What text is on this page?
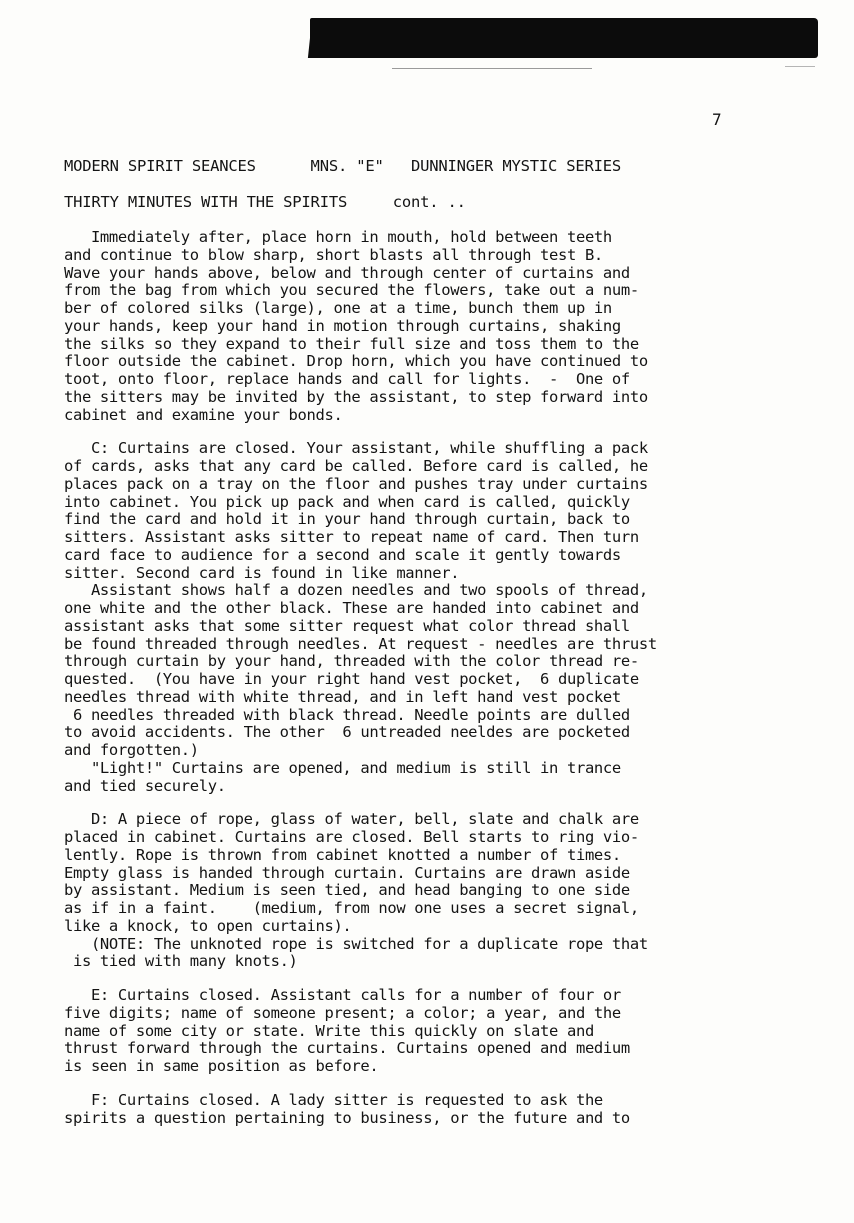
7
MODERN SPIRIT SEANCES      MNS. "E"   DUNNINGER MYSTIC SERIES
THIRTY MINUTES WITH THE SPIRITS     cont. ..
Immediately after, place horn in mouth, hold between teeth
and continue to blow sharp, short blasts all through test B.
Wave your hands above, below and through center of curtains and
from the bag from which you secured the flowers, take out a num-
ber of colored silks (large), one at a time, bunch them up in
your hands, keep your hand in motion through curtains, shaking
the silks so they expand to their full size and toss them to the
floor outside the cabinet. Drop horn, which you have continued to
toot, onto floor, replace hands and call for lights.  -  One of
the sitters may be invited by the assistant, to step forward into
cabinet and examine your bonds.
C: Curtains are closed. Your assistant, while shuffling a pack
of cards, asks that any card be called. Before card is called, he
places pack on a tray on the floor and pushes tray under curtains
into cabinet. You pick up pack and when card is called, quickly
find the card and hold it in your hand through curtain, back to
sitters. Assistant asks sitter to repeat name of card. Then turn
card face to audience for a second and scale it gently towards
sitter. Second card is found in like manner.
Assistant shows half a dozen needles and two spools of thread,
one white and the other black. These are handed into cabinet and
assistant asks that some sitter request what color thread shall
be found threaded through needles. At request - needles are thrust
through curtain by your hand, threaded with the color thread re-
quested.  (You have in your right hand vest pocket,  6 duplicate
needles thread with white thread, and in left hand vest pocket
6 needles threaded with black thread. Needle points are dulled
to avoid accidents. The other  6 untreaded neeldes are pocketed
and forgotten.)
"Light!" Curtains are opened, and medium is still in trance
and tied securely.
D: A piece of rope, glass of water, bell, slate and chalk are
placed in cabinet. Curtains are closed. Bell starts to ring vio-
lently. Rope is thrown from cabinet knotted a number of times.
Empty glass is handed through curtain. Curtains are drawn aside
by assistant. Medium is seen tied, and head banging to one side
as if in a faint.    (medium, from now one uses a secret signal,
like a knock, to open curtains).
(NOTE: The unknoted rope is switched for a duplicate rope that
is tied with many knots.)
E: Curtains closed. Assistant calls for a number of four or
five digits; name of someone present; a color; a year, and the
name of some city or state. Write this quickly on slate and
thrust forward through the curtains. Curtains opened and medium
is seen in same position as before.
F: Curtains closed. A lady sitter is requested to ask the
spirits a question pertaining to business, or the future and to
